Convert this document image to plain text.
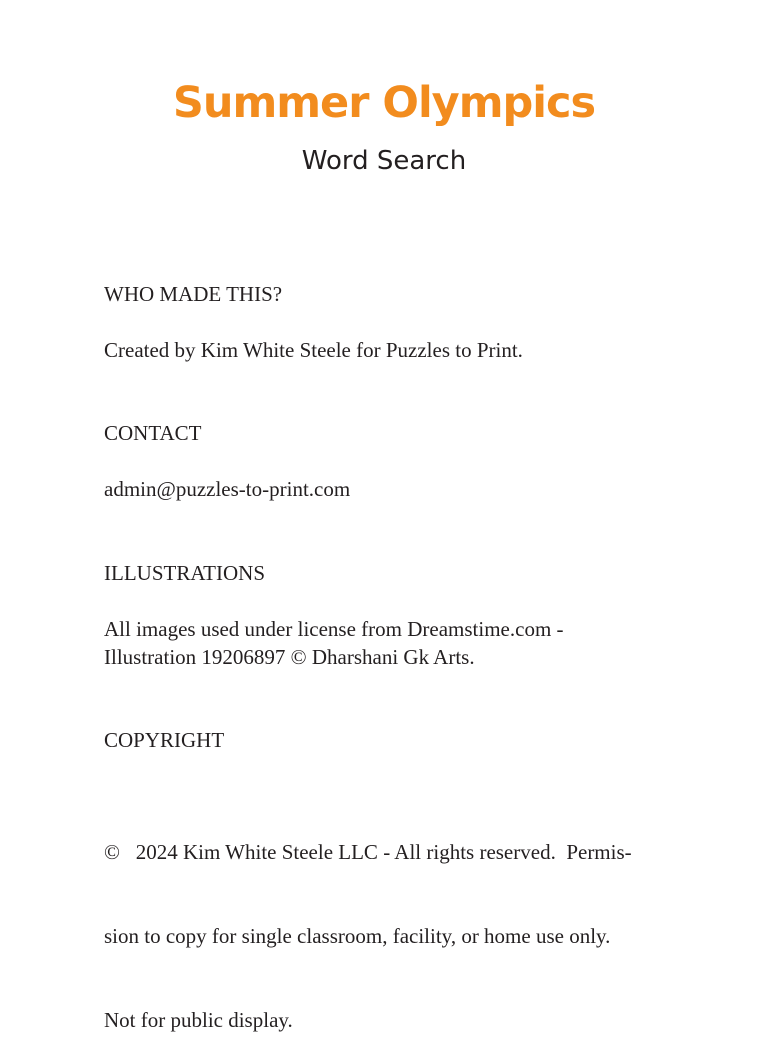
Summer Olympics
Word Search

WHO MADE THIS?

Created by Kim White Steele for Puzzles to Print.

CONTACT

admin@puzzles-to-print.com

ILLUSTRATIONS

All images used under license from Dreamstime.com -
Illustration 19206897 © Dharshani Gk Arts.

COPYRIGHT

©   2024 Kim White Steele LLC - All rights reserved.  Permis-

sion to copy for single classroom, facility, or home use only.

Not for public display.
